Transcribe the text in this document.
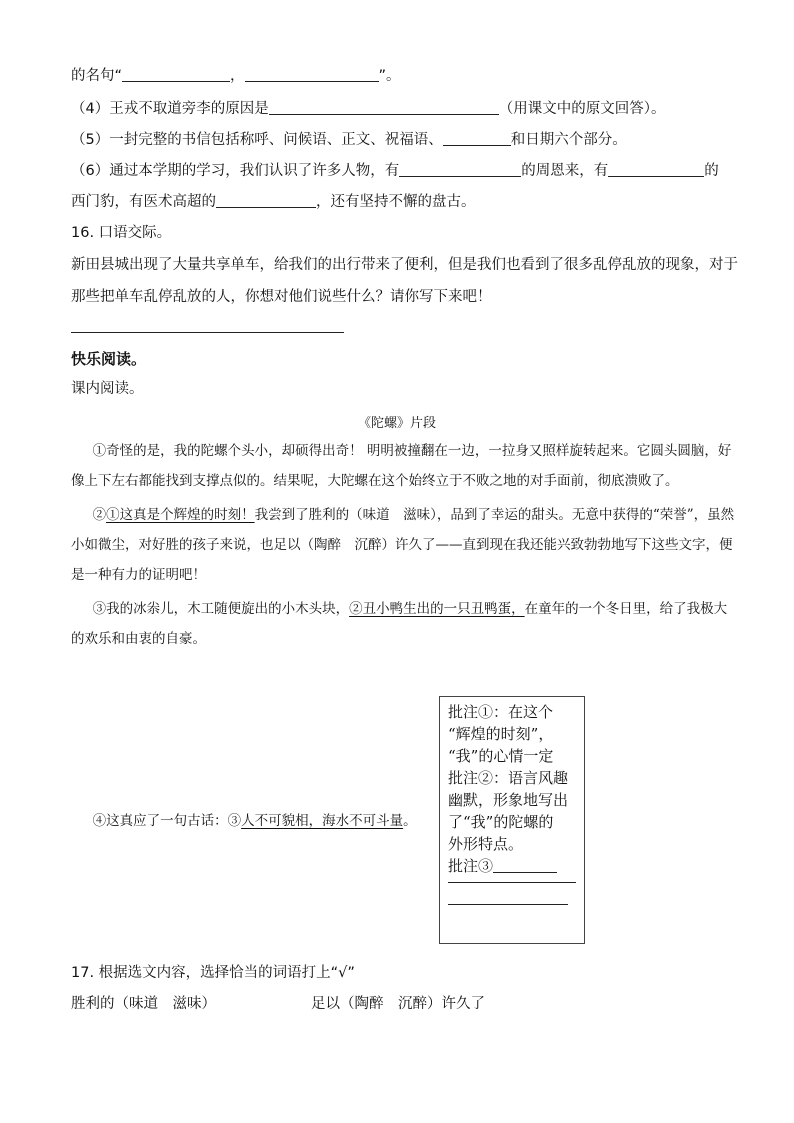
的名句“	，	”。
（4）王戎不取道旁李的原因是	（用课文中的原文回答）。
（5）一封完整的书信包括称呼、问候语、正文、祝福语、	和日期六个部分。
（6）通过本学期的学习，我们认识了许多人物，有	的周恩来，有	的
西门豹，有医术高超的	，还有坚持不懈的盘古。
16. 口语交际。
新田县城出现了大量共享单车，给我们的出行带来了便利，但是我们也看到了很多乱停乱放的现象，对于
那些把单车乱停乱放的人，你想对他们说些什么？请你写下来吧！
快乐阅读。
课内阅读。
《陀螺》片段

①奇怪的是，我的陀螺个头小，却硕得出奇！ 明明被撞翻在一边，一拉身又照样旋转起来。它圆头圆脑，好像上下左右都能找到支撑点似的。结果呢，大陀螺在这个始终立于不败之地的对手面前，彻底溃败了。

②①这真是个辉煌的时刻！我尝到了胜利的（味道　滋味），品到了幸运的甜头。无意中获得的“荣誉”，虽然小如微尘，对好胜的孩子来说，也足以（陶醉　沉醉）许久了——直到现在我还能兴致勃勃地写下这些文字，便是一种有力的证明吧！

③我的冰尜儿，木工随便旋出的小木头块，②丑小鸭生出的一只丑鸭蛋，在童年的一个冬日里，给了我极大的欢乐和由衷的自豪。

④这真应了一句古话：③人不可貌相，海水不可斗量。

批注①：在这个
“辉煌的时刻”，
“我”的心情一定
批注②：语言风趣
幽默，形象地写出
了“我”的陀螺的
外形特点。
批注③
17. 根据选文内容，选择恰当的词语打上“√”
胜利的（味道　滋味）	足以（陶醉　沉醉）许久了
